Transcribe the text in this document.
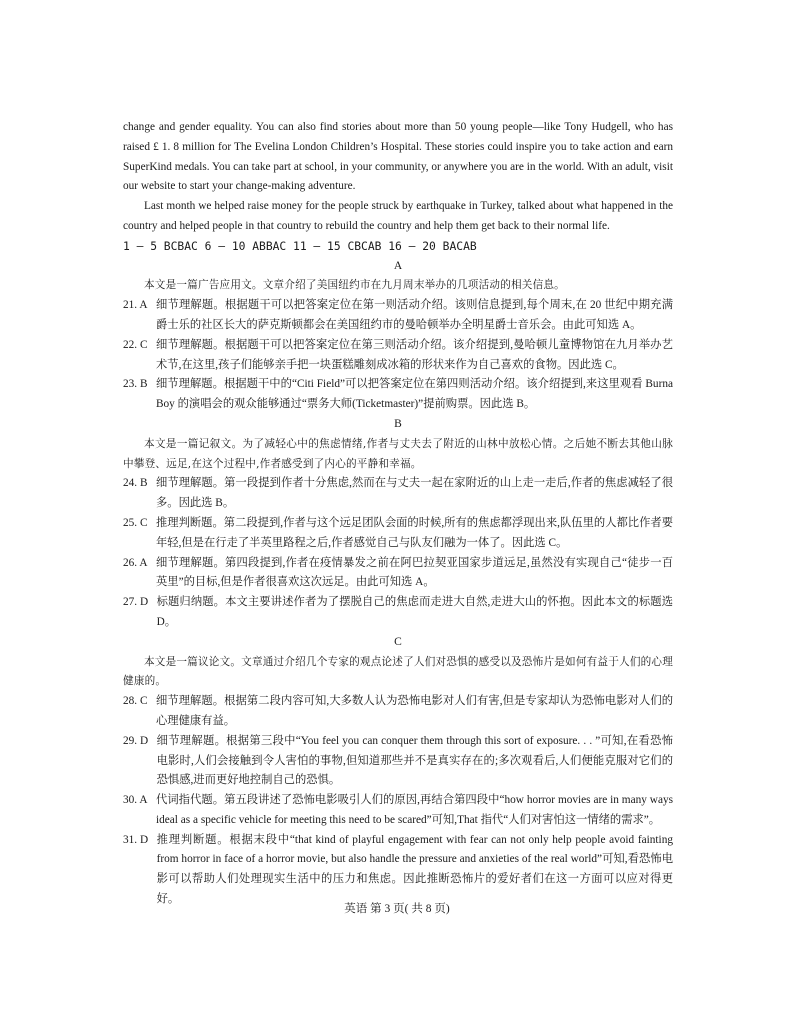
change and gender equality. You can also find stories about more than 50 young people—like Tony Hudgell, who has raised £ 1. 8 million for The Evelina London Children’s Hospital. These stories could inspire you to take action and earn SuperKind medals. You can take part at school, in your community, or anywhere you are in the world. With an adult, visit our website to start your change-making adventure.

Last month we helped raise money for the people struck by earthquake in Turkey, talked about what happened in the country and helped people in that country to rebuild the country and help them get back to their normal life.

1 – 5 BCBAC 6 – 10 ABBAC 11 – 15 CBCAB 16 – 20 BACAB

A

本文是一篇广告应用文。文章介绍了美国纽约市在九月周末举办的几项活动的相关信息。

21. A
细节理解题。根据题干可以把答案定位在第一则活动介绍。该则信息提到,每个周末,在 20 世纪中期充满爵士乐的社区长大的萨克斯顿都会在美国纽约市的曼哈顿举办全明星爵士音乐会。由此可知选 A。
22. C
细节理解题。根据题干可以把答案定位在第三则活动介绍。该介绍提到,曼哈顿儿童博物馆在九月举办艺术节,在这里,孩子们能够亲手把一块蛋糕雕刻成冰箱的形状来作为自己喜欢的食物。因此选 C。
23. B
细节理解题。根据题干中的“Citi Field”可以把答案定位在第四则活动介绍。该介绍提到,来这里观看 Burna Boy 的演唱会的观众能够通过“票务大师(Ticketmaster)”提前购票。因此选 B。

B

本文是一篇记叙文。为了减轻心中的焦虑情绪,作者与丈夫去了附近的山林中放松心情。之后她不断去其他山脉中攀登、远足,在这个过程中,作者感受到了内心的平静和幸福。

24. B
细节理解题。第一段提到作者十分焦虑,然而在与丈夫一起在家附近的山上走一走后,作者的焦虑减轻了很多。因此选 B。
25. C
推理判断题。第二段提到,作者与这个远足团队会面的时候,所有的焦虑都浮现出来,队伍里的人都比作者要年轻,但是在行走了半英里路程之后,作者感觉自己与队友们融为一体了。因此选 C。
26. A
细节理解题。第四段提到,作者在疫情暴发之前在阿巴拉契亚国家步道远足,虽然没有实现自己“徒步一百英里”的目标,但是作者很喜欢这次远足。由此可知选 A。
27. D
标题归纳题。本文主要讲述作者为了摆脱自己的焦虑而走进大自然,走进大山的怀抱。因此本文的标题选 D。

C

本文是一篇议论文。文章通过介绍几个专家的观点论述了人们对恐惧的感受以及恐怖片是如何有益于人们的心理健康的。

28. C
细节理解题。根据第二段内容可知,大多数人认为恐怖电影对人们有害,但是专家却认为恐怖电影对人们的心理健康有益。
29. D
细节理解题。根据第三段中“You feel you can conquer them through this sort of exposure. . . ”可知,在看恐怖电影时,人们会接触到令人害怕的事物,但知道那些并不是真实存在的;多次观看后,人们便能克服对它们的恐惧感,进而更好地控制自己的恐惧。
30. A
代词指代题。第五段讲述了恐怖电影吸引人们的原因,再结合第四段中“how horror movies are in many ways ideal as a specific vehicle for meeting this need to be scared”可知,That 指代“人们对害怕这一情绪的需求”。
31. D
推理判断题。根据末段中“that kind of playful engagement with fear can not only help people avoid fainting from horror in face of a horror movie, but also handle the pressure and anxieties of the real world”可知,看恐怖电影可以帮助人们处理现实生活中的压力和焦虑。因此推断恐怖片的爱好者们在这一方面可以应对得更好。
英语 第 3 页( 共 8 页)
